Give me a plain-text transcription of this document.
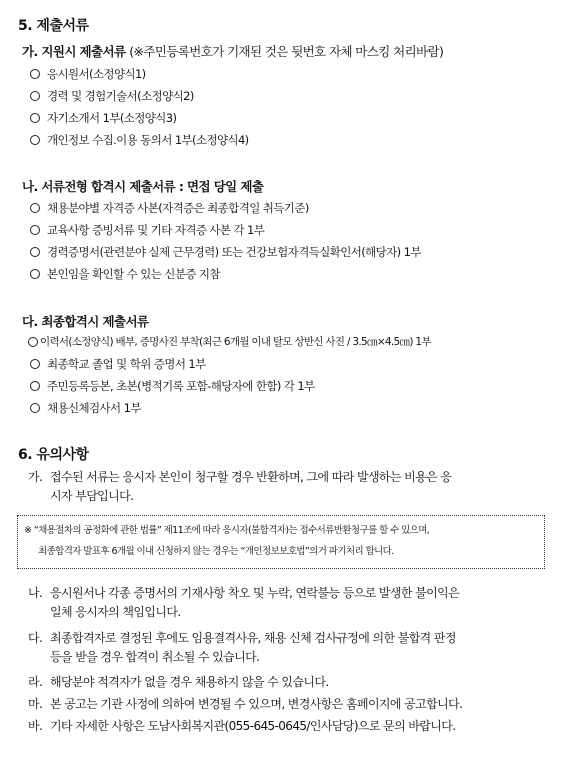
5. 제출서류
가. 지원시 제출서류 (※주민등록번호가 기재된 것은 뒷번호 자체 마스킹 처리바람)
응시원서(소정양식1)
경력 및 경험기술서(소정양식2)
자기소개서 1부(소정양식3)
개인정보 수집.이용 동의서 1부(소정양식4)
나. 서류전형 합격시 제출서류 : 면접 당일 제출
채용분야별 자격증 사본(자격증은 최종합격일 취득기준)
교육사항 증빙서류 및 기타 자격증 사본 각 1부
경력증명서(관련분야 실제 근무경력) 또는 건강보험자격득실확인서(해당자) 1부
본인임을 확인할 수 있는 신분증 지참
다. 최종합격시 제출서류
이력서(소정양식) 배부, 증명사진 부착(최근 6개월 이내 탈모 상반신 사진 / 3.5㎝×4.5㎝) 1부
최종학교 졸업 및 학위 증명서 1부
주민등록등본, 초본(병적기록 포함-해당자에 한함) 각 1부
채용신체검사서 1부
6. 유의사항
가. 접수된 서류는 응시자 본인이 청구할 경우 반환하며, 그에 따라 발생하는 비용은 응
시자 부담입니다.
※ “채용절차의 공정화에 관한 법률” 제11조에 따라 응시자(불합격자)는 접수서류반환청구를 할 수 있으며,
최종합격자 발표후 6개월 이내 신청하지 않는 경우는 “개인정보보호법”의거 파기처리 합니다.
나. 응시원서나 각종 증명서의 기재사항 착오 및 누락, 연락불능 등으로 발생한 불이익은
일체 응시자의 책임입니다.
다. 최종합격자로 결정된 후에도 임용결격사유, 채용 신체 검사규정에 의한 불합격 판정
등을 받을 경우 합격이 취소될 수 있습니다.
라. 해당분야 적격자가 없을 경우 채용하지 않을 수 있습니다.
마. 본 공고는 기관 사정에 의하여 변경될 수 있으며, 변경사항은 홈페이지에 공고합니다.
바. 기타 자세한 사항은 도남사회복지관(055-645-0645/인사담당)으로 문의 바랍니다.
